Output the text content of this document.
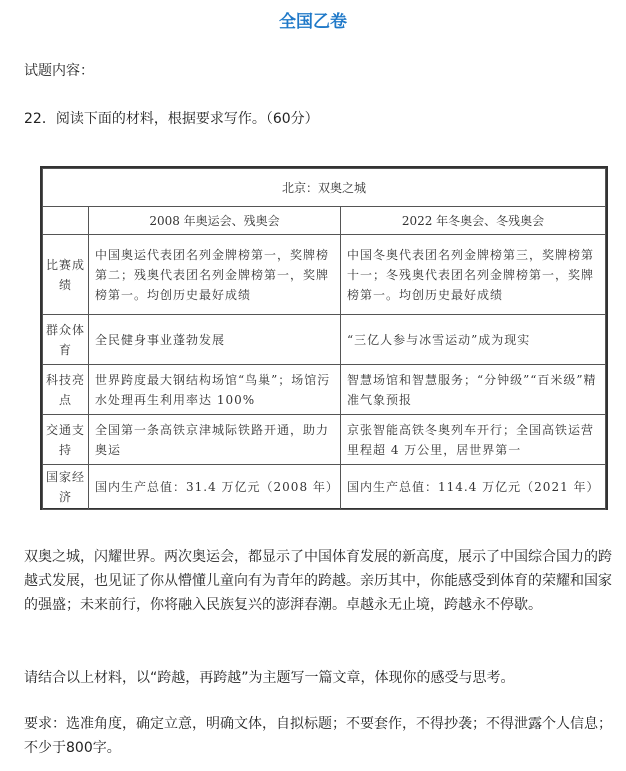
全国乙卷
试题内容：
22．阅读下面的材料，根据要求写作。（60分）
北京：双奥之城		
	2008 年奥运会、残奥会	2022 年冬奥会、冬残奥会
比赛成绩	中国奥运代表团名列金牌榜第一，奖牌榜第二；残奥代表团名列金牌榜第一，奖牌榜第一。均创历史最好成绩	中国冬奥代表团名列金牌榜第三，奖牌榜第十一；冬残奥代表团名列金牌榜第一，奖牌榜第一。均创历史最好成绩
群众体育	全民健身事业蓬勃发展	“三亿人参与冰雪运动”成为现实
科技亮点	世界跨度最大钢结构场馆“鸟巢”；场馆污水处理再生利用率达 100%	智慧场馆和智慧服务；“分钟级”“百米级”精准气象预报
交通支持	全国第一条高铁京津城际铁路开通，助力奥运	京张智能高铁冬奥列车开行；全国高铁运营里程超 4 万公里，居世界第一
国家经济	国内生产总值：31.4 万亿元（2008 年）	国内生产总值：114.4 万亿元（2021 年）
双奥之城，闪耀世界。两次奥运会，都显示了中国体育发展的新高度，展示了中国综合国力的跨越式发展，也见证了你从懵懂儿童向有为青年的跨越。亲历其中，你能感受到体育的荣耀和国家的强盛；未来前行，你将融入民族复兴的澎湃春潮。卓越永无止境，跨越永不停歇。
请结合以上材料，以“跨越，再跨越”为主题写一篇文章，体现你的感受与思考。
要求：选准角度，确定立意，明确文体，自拟标题；不要套作，不得抄袭；不得泄露个人信息；不少于800字。
